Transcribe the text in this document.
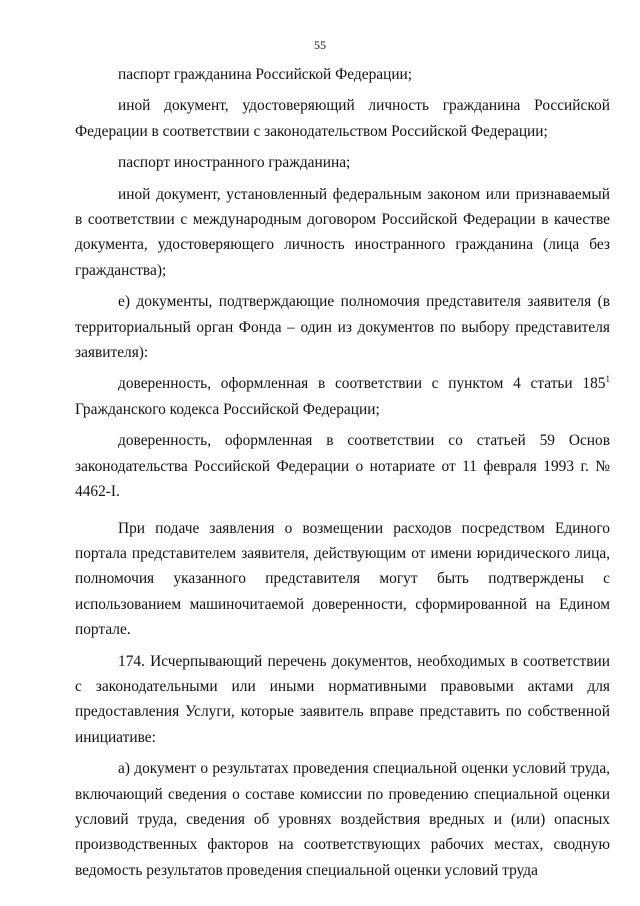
55

паспорт гражданина Российской Федерации;

иной документ, удостоверяющий личность гражданина Российской Федерации в соответствии с законодательством Российской Федерации;

паспорт иностранного гражданина;

иной документ, установленный федеральным законом или признаваемый в соответствии с международным договором Российской Федерации в качестве документа, удостоверяющего личность иностранного гражданина (лица без гражданства);

е) документы, подтверждающие полномочия представителя заявителя (в территориальный орган Фонда – один из документов по выбору представителя заявителя):

доверенность, оформленная в соответствии с пунктом 4 статьи $185^1$ Гражданского кодекса Российской Федерации;

доверенность, оформленная в соответствии со статьей 59 Основ законодательства Российской Федерации о нотариате от 11 февраля 1993 г. № 4462-I.

При подаче заявления о возмещении расходов посредством Единого портала представителем заявителя, действующим от имени юридического лица, полномочия указанного представителя могут быть подтверждены с использованием машиночитаемой доверенности, сформированной на Едином портале.

174. Исчерпывающий перечень документов, необходимых в соответствии с законодательными или иными нормативными правовыми актами для предоставления Услуги, которые заявитель вправе представить по собственной инициативе:

а) документ о результатах проведения специальной оценки условий труда, включающий сведения о составе комиссии по проведению специальной оценки условий труда, сведения об уровнях воздействия вредных и (или) опасных производственных факторов на соответствующих рабочих местах, сводную ведомость результатов проведения специальной оценки условий труда
